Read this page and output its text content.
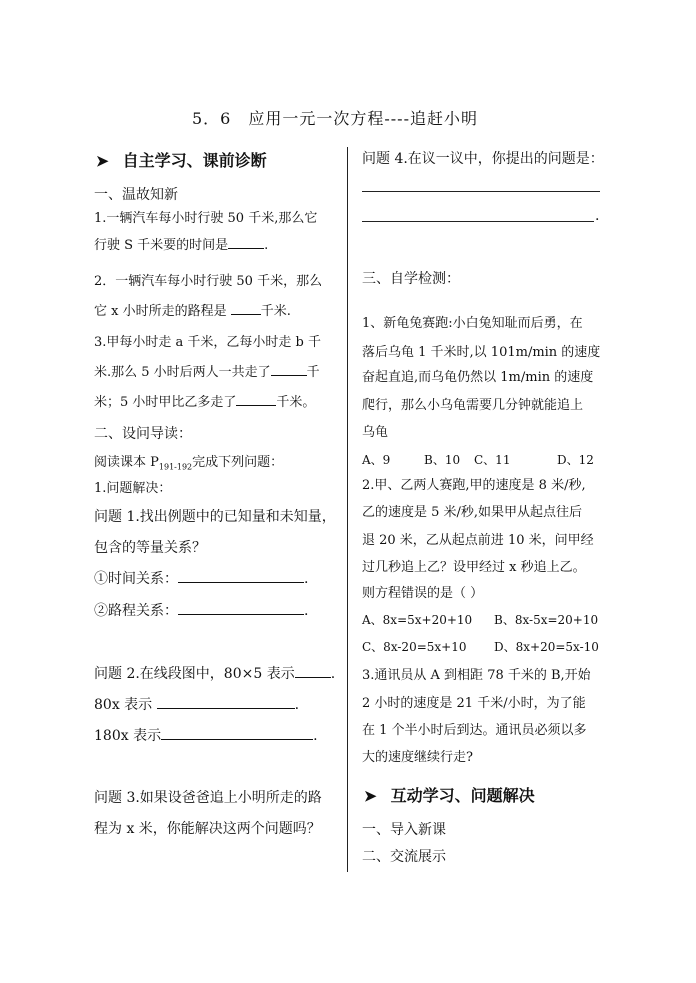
5．6　应用一元一次方程----追赶小明
➤ 自主学习、课前诊断
一、温故知新
1.一辆汽车每小时行驶 50 千米,那么它
行驶 S 千米要的时间是	.
2．一辆汽车每小时行驶 50 千米，那么
它 x 小时所走的路程是	千米.
3.甲每小时走 a 千米，乙每小时走 b 千
米.那么 5 小时后两人一共走了	千
米；5 小时甲比乙多走了	千米。
二、设问导读：
阅读课本 $P_{191-192}$完成下列问题：
1.问题解决：
问题 1.找出例题中的已知量和未知量，
包含的等量关系？
①时间关系：	.
②路程关系：	.
问题 2.在线段图中，80×5 表示	.
80x 表示	.
180x 表示	.
问题 3.如果设爸爸追上小明所走的路
程为 x 米，你能解决这两个问题吗？
问题 4.在议一议中，你提出的问题是：
.
三、自学检测：
1、新龟兔赛跑:小白兔知耻而后勇，在
落后乌龟 1 千米时,以 101m/min 的速度
奋起直追,而乌龟仍然以 1m/min 的速度
爬行，那么小乌龟需要几分钟就能追上
乌龟
A、9	B、10 C、11	D、12
2.甲、乙两人赛跑,甲的速度是 8 米/秒,
乙的速度是 5 米/秒,如果甲从起点往后
退 20 米，乙从起点前进 10 米，问甲经
过几秒追上乙？设甲经过 x 秒追上乙。
则方程错误的是（ ）
A、8x=5x+20+10 B、8x-5x=20+10
C、8x-20=5x+10 D、8x+20=5x-10
3.通讯员从 A 到相距 78 千米的 B,开始
2 小时的速度是 21 千米/小时，为了能
在 1 个半小时后到达。通讯员必须以多
大的速度继续行走?
➤ 互动学习、问题解决
一、导入新课
二、交流展示
